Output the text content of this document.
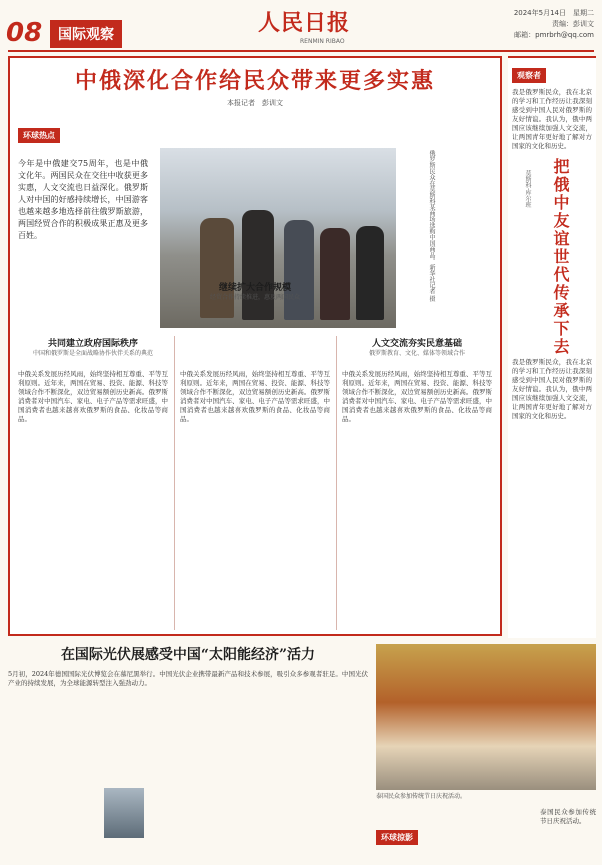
08	国际观察	人民日报
RENMIN RIBAO
2024年5月14日　星期二
责编：彭训文
邮箱：pmrbrh@qq.com
中俄深化合作给民众带来更多实惠
本报记者　彭训文
环球热点
今年是中俄建交75周年，也是中俄文化年。两国民众在交往中收获更多实惠，人文交流也日益深化。俄罗斯人对中国的好感持续增长，中国游客也越来越多地选择前往俄罗斯旅游，两国经贸合作的积极成果正惠及更多百姓。	俄罗斯民众在莫斯科某商场选购中国商品。新华社记者 摄
共同建立政府国际秩序
中国和俄罗斯是全面战略协作伙伴关系的典范
中俄关系发展历经风雨，始终坚持相互尊重、平等互利原则。近年来，两国在贸易、投资、能源、科技等领域合作不断深化，双边贸易额创历史新高。俄罗斯消费者对中国汽车、家电、电子产品等需求旺盛，中国消费者也越来越喜欢俄罗斯的食品、化妆品等商品。
继续扩大合作规模
经贸合作持续推进，惠及两国民众
中俄关系发展历经风雨，始终坚持相互尊重、平等互利原则。近年来，两国在贸易、投资、能源、科技等领域合作不断深化，双边贸易额创历史新高。俄罗斯消费者对中国汽车、家电、电子产品等需求旺盛，中国消费者也越来越喜欢俄罗斯的食品、化妆品等商品。
人文交流夯实民意基础
俄罗斯教育、文化、媒体等领域合作
中俄关系发展历经风雨，始终坚持相互尊重、平等互利原则。近年来，两国在贸易、投资、能源、科技等领域合作不断深化，双边贸易额创历史新高。俄罗斯消费者对中国汽车、家电、电子产品等需求旺盛，中国消费者也越来越喜欢俄罗斯的食品、化妆品等商品。
观察者
我是俄罗斯民众，我在北京的学习和工作经历让我深刻感受到中国人民对俄罗斯的友好情谊。我认为，俄中两国应该继续加强人文交流，让两国青年更好地了解对方国家的文化和历史。
把俄中友谊世代传承下去
莫斯科·库尔班
我是俄罗斯民众，我在北京的学习和工作经历让我深刻感受到中国人民对俄罗斯的友好情谊。我认为，俄中两国应该继续加强人文交流，让两国青年更好地了解对方国家的文化和历史。
在国际光伏展感受中国“太阳能经济”活力
5月初，2024年德国国际光伏博览会在慕尼黑举行。中国光伏企业携带最新产品和技术参展，吸引众多参观者驻足。中国光伏产业的持续发展，为全球能源转型注入强劲动力。
泰国民众参加传统节日庆祝活动。
环球掠影
泰国民众参加传统节日庆祝活动。
